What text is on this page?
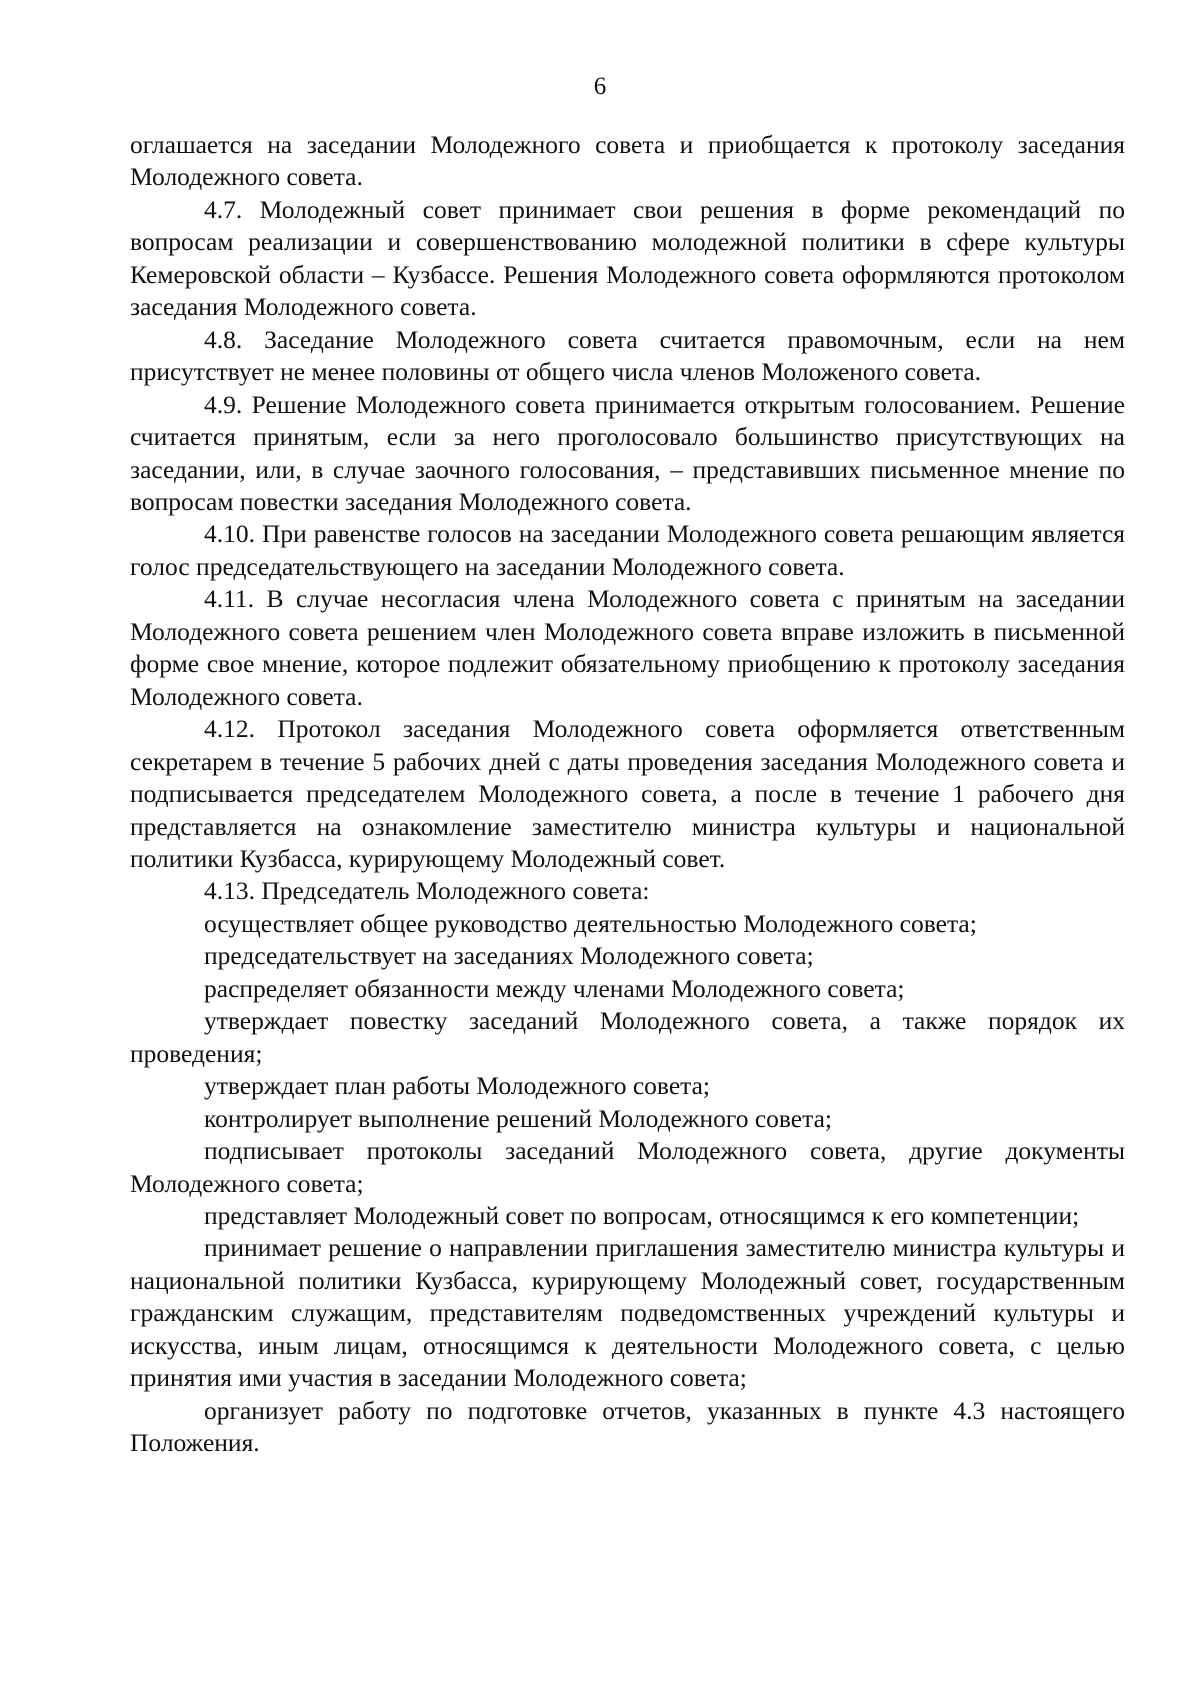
6

оглашается на заседании Молодежного совета и приобщается к протоколу заседания Молодежного совета.

4.7. Молодежный совет принимает свои решения в форме рекомендаций по вопросам реализации и совершенствованию молодежной политики в сфере культуры Кемеровской области – Кузбассе. Решения Молодежного совета оформляются протоколом заседания Молодежного совета.

4.8. Заседание Молодежного совета считается правомочным, если на нем присутствует не менее половины от общего числа членов Моложеного совета.

4.9. Решение Молодежного совета принимается открытым голосованием. Решение считается принятым, если за него проголосовало большинство присутствующих на заседании, или, в случае заочного голосования, – представивших письменное мнение по вопросам повестки заседания Молодежного совета.

4.10. При равенстве голосов на заседании Молодежного совета решающим является голос председательствующего на заседании Молодежного совета.

4.11. В случае несогласия члена Молодежного совета с принятым на заседании Молодежного совета решением член Молодежного совета вправе изложить в письменной форме свое мнение, которое подлежит обязательному приобщению к протоколу заседания Молодежного совета.

4.12. Протокол заседания Молодежного совета оформляется ответственным секретарем в течение 5 рабочих дней с даты проведения заседания Молодежного совета и подписывается председателем Молодежного совета, а после в течение 1 рабочего дня представляется на ознакомление заместителю министра культуры и национальной политики Кузбасса, курирующему Молодежный совет.

4.13. Председатель Молодежного совета:

осуществляет общее руководство деятельностью Молодежного совета;

председательствует на заседаниях Молодежного совета;

распределяет обязанности между членами Молодежного совета;

утверждает повестку заседаний Молодежного совета, а также порядок их проведения;

утверждает план работы Молодежного совета;

контролирует выполнение решений Молодежного совета;

подписывает протоколы заседаний Молодежного совета, другие документы Молодежного совета;

представляет Молодежный совет по вопросам, относящимся к его компетенции;

принимает решение о направлении приглашения заместителю министра культуры и национальной политики Кузбасса, курирующему Молодежный совет, государственным гражданским служащим, представителям подведомственных учреждений культуры и искусства, иным лицам, относящимся к деятельности Молодежного совета, с целью принятия ими участия в заседании Молодежного совета;

организует работу по подготовке отчетов, указанных в пункте 4.3 настоящего Положения.
